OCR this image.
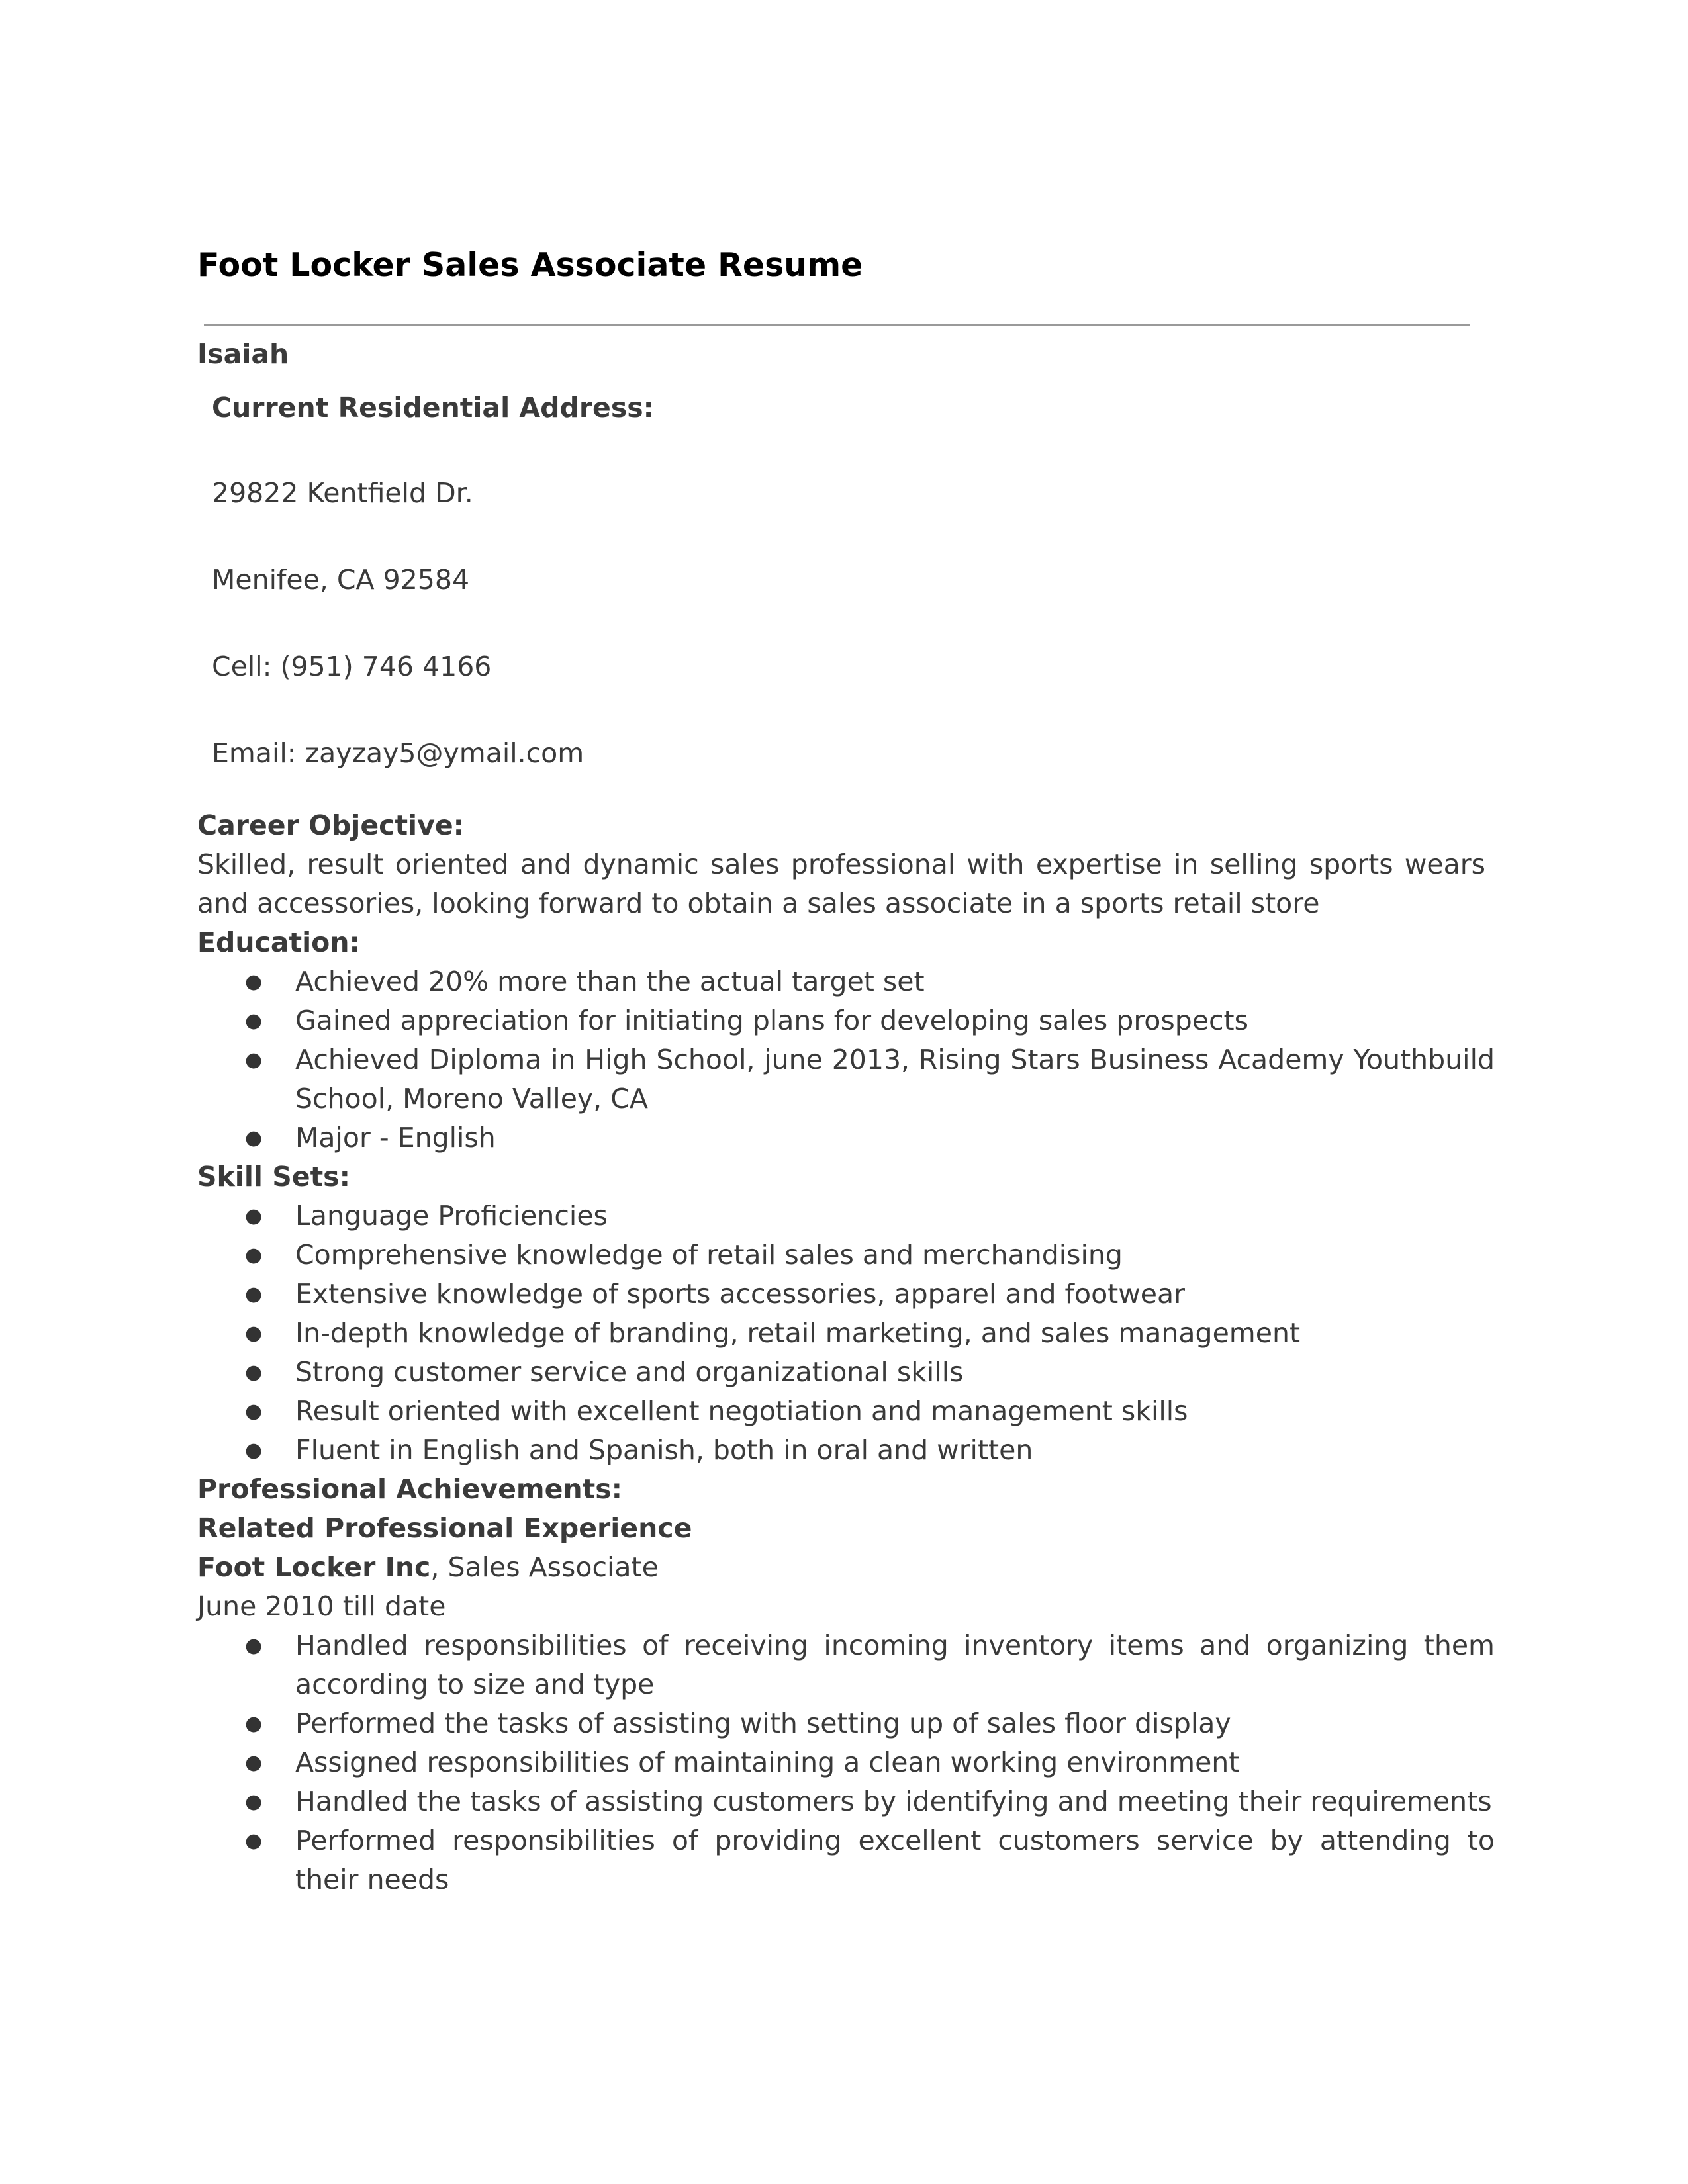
Foot Locker Sales Associate Resume

Isaiah

Current Residential Address:

29822 Kentfield Dr.

Menifee, CA 92584

Cell: (951) 746 4166

Email: zayzay5@ymail.com

Career Objective:

Skilled, result oriented and dynamic sales professional with expertise in selling sports wears and accessories, looking forward to obtain a sales associate in a sports retail store

Education:

● Achieved 20% more than the actual target set
● Gained appreciation for initiating plans for developing sales prospects
● Achieved Diploma in High School, june 2013, Rising Stars Business Academy Youthbuild School, Moreno Valley, CA
● Major - English

Skill Sets:

● Language Proficiencies
● Comprehensive knowledge of retail sales and merchandising
● Extensive knowledge of sports accessories, apparel and footwear
● In-depth knowledge of branding, retail marketing, and sales management
● Strong customer service and organizational skills
● Result oriented with excellent negotiation and management skills
● Fluent in English and Spanish, both in oral and written

Professional Achievements:

Related Professional Experience

Foot Locker Inc, Sales Associate

June 2010 till date

● Handled responsibilities of receiving incoming inventory items and organizing them according to size and type
● Performed the tasks of assisting with setting up of sales floor display
● Assigned responsibilities of maintaining a clean working environment
● Handled the tasks of assisting customers by identifying and meeting their requirements
● Performed responsibilities of providing excellent customers service by attending to their needs
